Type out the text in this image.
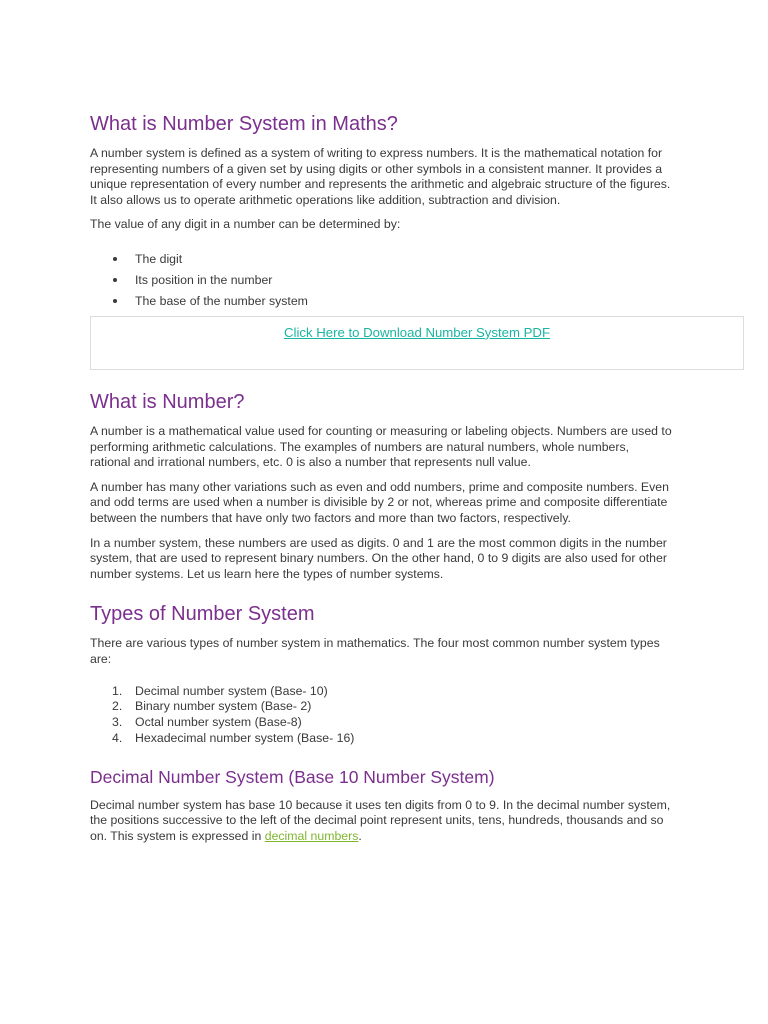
What is Number System in Maths?

A number system is defined as a system of writing to express numbers. It is the mathematical notation for representing numbers of a given set by using digits or other symbols in a consistent manner. It provides a unique representation of every number and represents the arithmetic and algebraic structure of the figures. It also allows us to operate arithmetic operations like addition, subtraction and division.

The value of any digit in a number can be determined by:

The digit
Its position in the number
The base of the number system
Click Here to Download Number System PDF
What is Number?

A number is a mathematical value used for counting or measuring or labeling objects. Numbers are used to performing arithmetic calculations. The examples of numbers are natural numbers, whole numbers, rational and irrational numbers, etc. 0 is also a number that represents null value.

A number has many other variations such as even and odd numbers, prime and composite numbers. Even and odd terms are used when a number is divisible by 2 or not, whereas prime and composite differentiate between the numbers that have only two factors and more than two factors, respectively.

In a number system, these numbers are used as digits. 0 and 1 are the most common digits in the number system, that are used to represent binary numbers. On the other hand, 0 to 9 digits are also used for other number systems. Let us learn here the types of number systems.

Types of Number System

There are various types of number system in mathematics. The four most common number system types are:

1. Decimal number system (Base- 10)
2. Binary number system (Base- 2)
3. Octal number system (Base-8)
4. Hexadecimal number system (Base- 16)
Decimal Number System (Base 10 Number System)

Decimal number system has base 10 because it uses ten digits from 0 to 9. In the decimal number system, the positions successive to the left of the decimal point represent units, tens, hundreds, thousands and so on. This system is expressed in decimal numbers.
